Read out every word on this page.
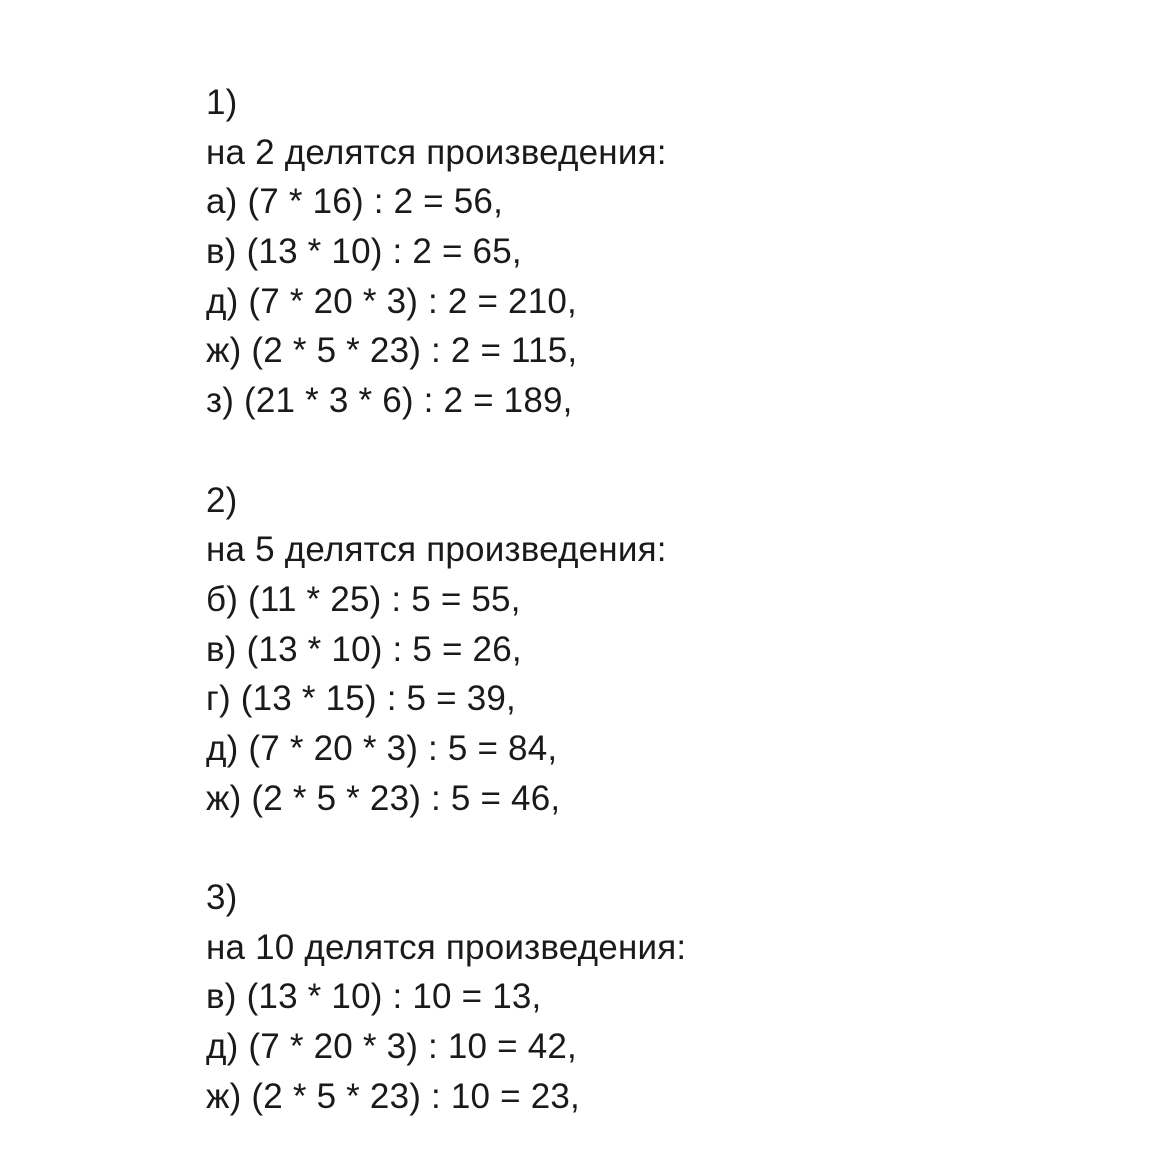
1)
на 2 делятся произведения:
а) (7 * 16) : 2 = 56,
в) (13 * 10) : 2 = 65,
д) (7 * 20 * 3) : 2 = 210,
ж) (2 * 5 * 23) : 2 = 115,
з) (21 * 3 * 6) : 2 = 189,
2)
на 5 делятся произведения:
б) (11 * 25) : 5 = 55,
в) (13 * 10) : 5 = 26,
г) (13 * 15) : 5 = 39,
д) (7 * 20 * 3) : 5 = 84,
ж) (2 * 5 * 23) : 5 = 46,
3)
на 10 делятся произведения:
в) (13 * 10) : 10 = 13,
д) (7 * 20 * 3) : 10 = 42,
ж) (2 * 5 * 23) : 10 = 23,
